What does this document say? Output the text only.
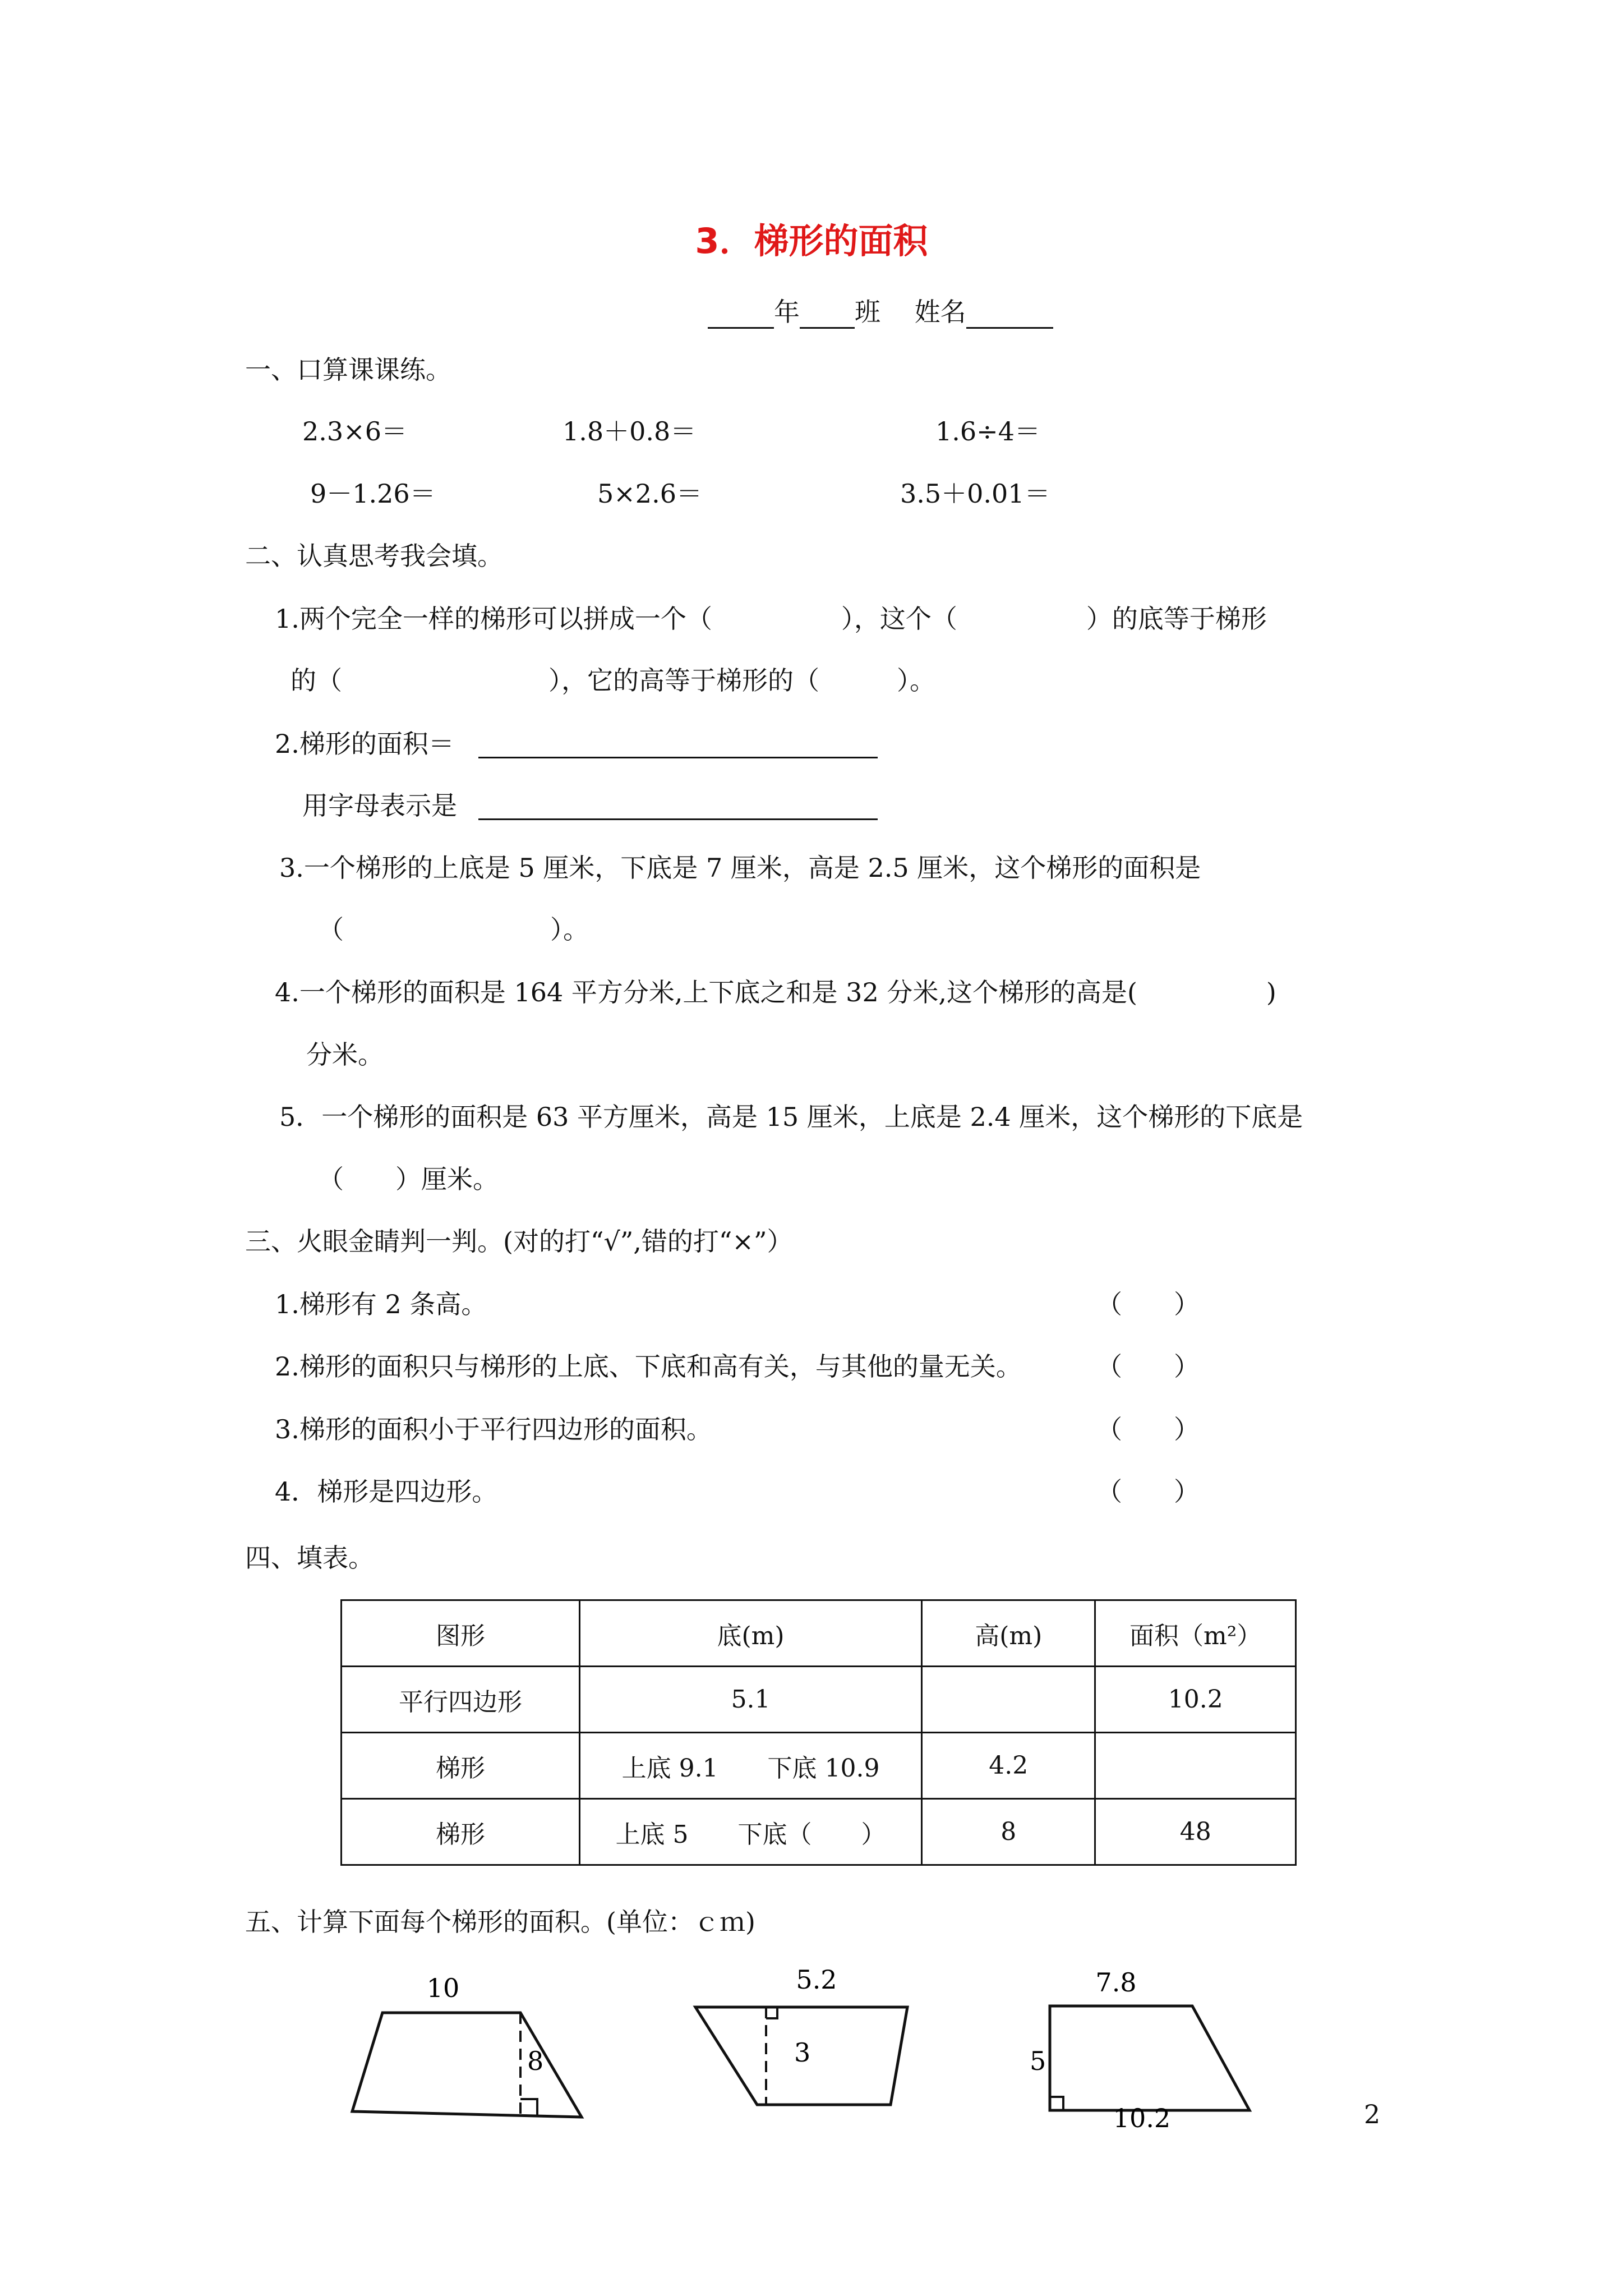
3．梯形的面积
年 班　 姓名
一、口算课课练。
2.3×6＝	1.8＋0.8＝	1.6÷4＝
9－1.26＝	5×2.6＝	3.5＋0.01＝
二、认真思考我会填。
1.两个完全一样的梯形可以拼成一个（　　　　　），这个（　　　　　）的底等于梯形
的（　　　　　　　　），它的高等于梯形的（　　　）。
2.梯形的面积＝
用字母表示是
3.一个梯形的上底是 5 厘米，下底是 7 厘米，高是 2.5 厘米，这个梯形的面积是
（　　　　　　　　）。
4.一个梯形的面积是 164 平方分米,上下底之和是 32 分米,这个梯形的高是(　　　　　)
分米。
5．一个梯形的面积是 63 平方厘米，高是 15 厘米，上底是 2.4 厘米，这个梯形的下底是
（　　）厘米。
三、火眼金睛判一判。(对的打“√”,错的打“×”）
1.梯形有 2 条高。	（　　）
2.梯形的面积只与梯形的上底、下底和高有关，与其他的量无关。	（　　）
3.梯形的面积小于平行四边形的面积。	（　　）
4．梯形是四边形。	（　　）
四、填表。
图形	底(m)	高(m)	面积（m²）
平行四边形	5.1		10.2
梯形	上底 9.1　　下底 10.9	4.2	
梯形	上底 5　　下底（　　）	8	48
五、计算下面每个梯形的面积。(单位：ｃｍ)
10
8
5.2
3
7.8
5
10.2	2
